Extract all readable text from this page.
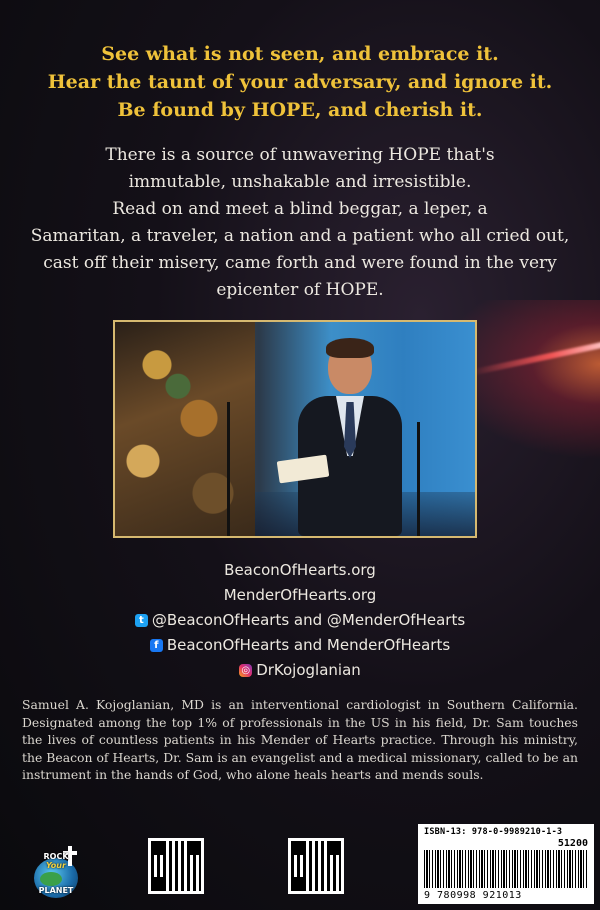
See what is not seen, and embrace it.
Hear the taunt of your adversary, and ignore it.
Be found by HOPE, and cherish it.
There is a source of unwavering HOPE that's
immutable, unshakable and irresistible.
Read on and meet a blind beggar, a leper, a
Samaritan, a traveler, a nation and a patient who all cried out,
cast off their misery, came forth and were found in the very
epicenter of HOPE.
BeaconOfHearts.org
MenderOfHearts.org
t @BeaconOfHearts and @MenderOfHearts
f BeaconOfHearts and MenderOfHearts
◎ DrKojoglanian
Samuel A. Kojoglanian, MD is an interventional cardiologist in Southern California. Designated among the top 1% of professionals in the US in his field, Dr. Sam touches the lives of countless patients in his Mender of Hearts practice. Through his ministry, the Beacon of Hearts, Dr. Sam is an evangelist and a medical missionary, called to be an instrument in the hands of God, who alone heals hearts and mends souls.
ROCK
Your
PLANET
ISBN-13: 978-0-9989210-1-3
51200
9 780998 921013
